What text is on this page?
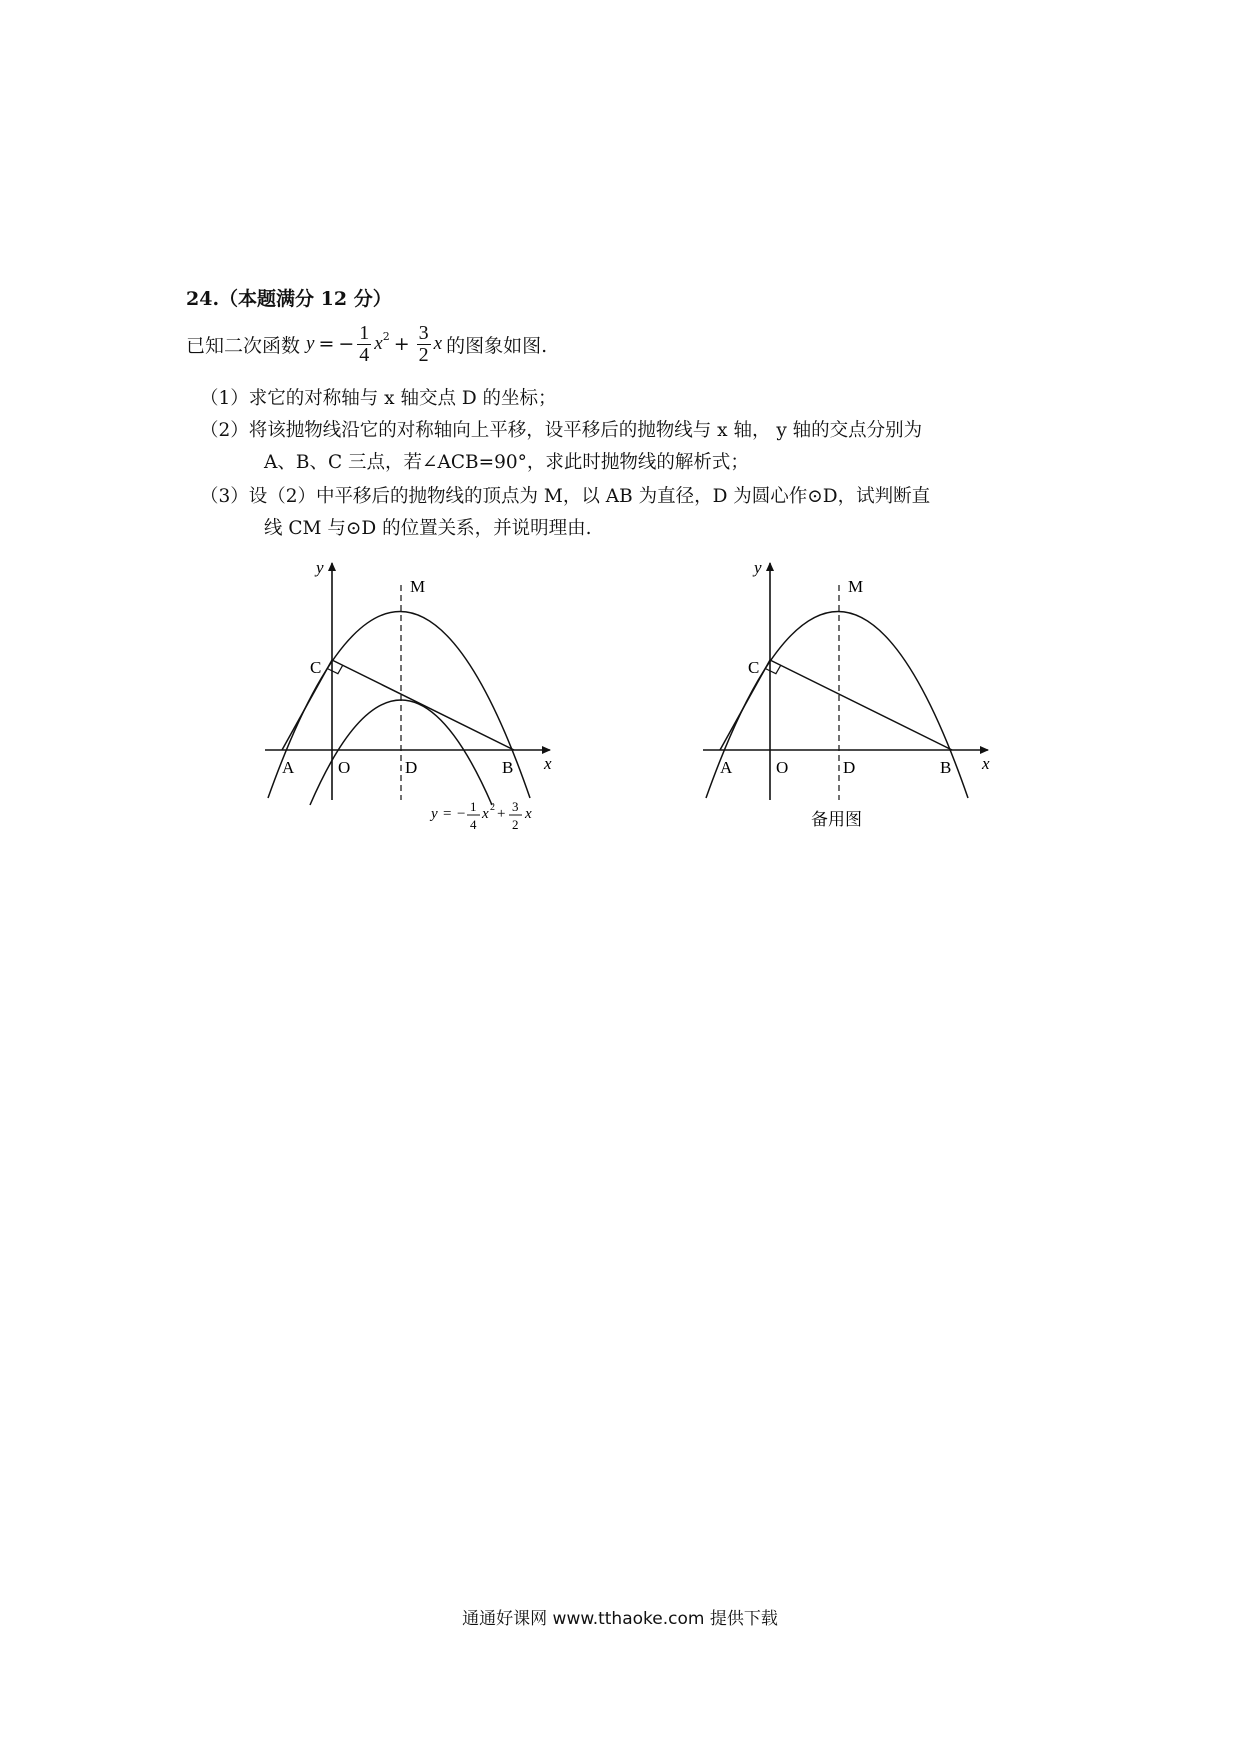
24.（本题满分 12 分）
已知二次函数 y = − $\frac{1}{4} x^2 + \frac{3}{2}$ x 的图象如图.
（1）求它的对称轴与 x 轴交点 D 的坐标；
（2）将该抛物线沿它的对称轴向上平移，设平移后的抛物线与 x 轴， y 轴的交点分别为
A、B、C 三点，若∠ACB=90°，求此时抛物线的解析式；
（3）设（2）中平移后的抛物线的顶点为 M，以 AB 为直径，D 为圆心作⊙D，试判断直
线 CM 与⊙D 的位置关系，并说明理由.
y
x
M
C
A	O	D	B
y = − 1
4
x 2 + 3
2
x
y
x
M
C
A	O	D	B
备用图
通通好课网 www.tthaoke.com 提供下载
